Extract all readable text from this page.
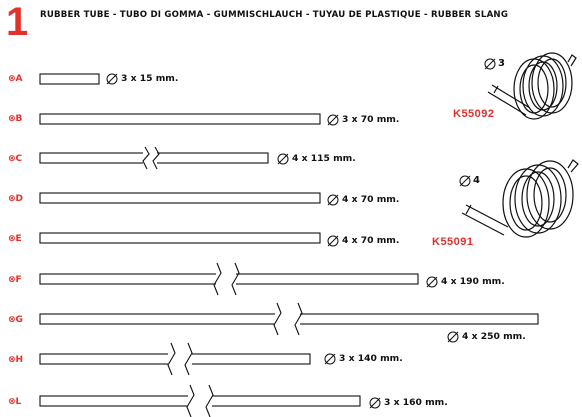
1 RUBBER TUBE - TUBO DI GOMMA - GUMMISCHLAUCH - TUYAU DE PLASTIQUE - RUBBER SLANG
⊗A
⊗B
⊗C
⊗D
⊗E
⊗F
⊗G
⊗H
⊗L
3 x 15 mm.
3 x 70 mm.
4 x 115 mm.
4 x 70 mm.
4 x 70 mm.
4 x 190 mm.
4 x 250 mm.
3 x 140 mm.
3 x 160 mm.
3
K55092
4
K55091
